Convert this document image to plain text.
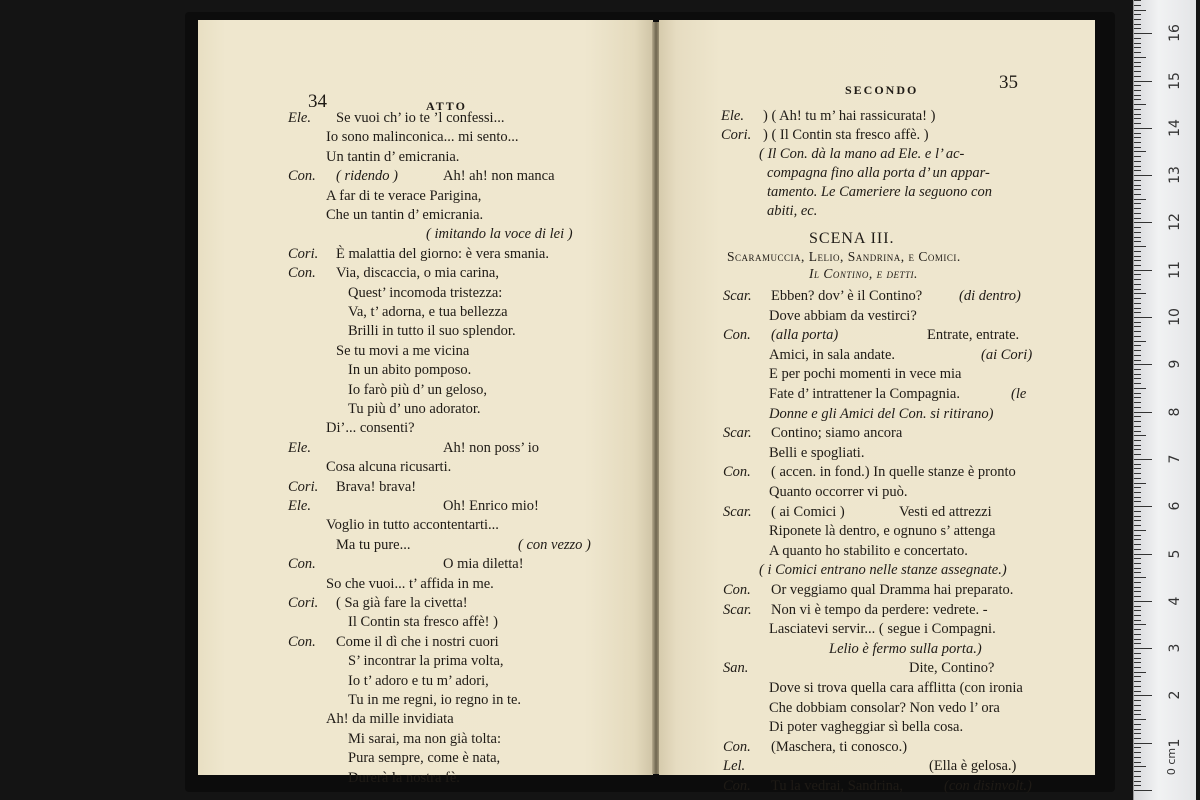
34	ATTO
Ele. Se vuoi ch’ io te ’l confessi...
Io sono malinconica... mi sento...
Un tantin d’ emicrania.
Con. ( ridendo )	Ah! ah! non manca
A far di te verace Parigina,
Che un tantin d’ emicrania.
( imitando la voce di lei )
Cori. È malattia del giorno: è vera smania.
Con. Via, discaccia, o mia carina,
Quest’ incomoda tristezza:
Va, t’ adorna, e tua bellezza
Brilli in tutto il suo splendor.
Se tu movi a me vicina
In un abito pomposo.
Io farò più d’ un geloso,
Tu più d’ uno adorator.
Di’... consenti?
Ele.	Ah! non poss’ io
Cosa alcuna ricusarti.
Cori. Brava! brava!
Ele.	Oh! Enrico mio!
Voglio in tutto accontentarti...
Ma tu pure...	( con vezzo )
Con.	O mia diletta!
So che vuoi... t’ affida in me.
Cori. ( Sa già fare la civetta!
Il Contin sta fresco affè! )
Con. Come il dì che i nostri cuori
S’ incontrar la prima volta,
Io t’ adoro e tu m’ adori,
Tu in me regni, io regno in te.
Ah! da mille invidiata
Mi sarai, ma non già tolta:
Pura sempre, come è nata,
Durerà la nostra fè.
SECONDO	35
Ele. ) ( Ah! tu m’ hai rassicurata! )
Cori. ) ( Il Contin sta fresco affè. )
( Il Con. dà la mano ad Ele. e l’ ac-
compagna fino alla porta d’ un appar-
tamento. Le Cameriere la seguono con
abiti, ec.
SCENA III.
Scaramuccia, Lelio, Sandrina, e Comici.
Il Contino, e detti.
Scar. Ebben? dov’ è il Contino?	(di dentro)
Dove abbiam da vestirci?
Con. (alla porta)	Entrate, entrate.
Amici, in sala andate.	(ai Cori)
E per pochi momenti in vece mia
Fate d’ intrattener la Compagnia.	(le
Donne e gli Amici del Con. si ritirano)
Scar. Contino; siamo ancora
Belli e spogliati.
Con. ( accen. in fond.) In quelle stanze è pronto
Quanto occorrer vi può.
Scar. ( ai Comici )	Vesti ed attrezzi
Riponete là dentro, e ognuno s’ attenga
A quanto ho stabilito e concertato.
( i Comici entrano nelle stanze assegnate.)
Con. Or veggiamo qual Dramma hai preparato.
Scar. Non vi è tempo da perdere: vedrete. -
Lasciatevi servir... ( segue i Compagni.
Lelio è fermo sulla porta.)
San.	Dite, Contino?
Dove si trova quella cara afflitta (con ironia
Che dobbiam consolar? Non vedo l’ ora
Di poter vagheggiar sì bella cosa.
Con. (Maschera, ti conosco.)
Lel.	(Ella è gelosa.)
Con. Tu la vedrai, Sandrina,	(con disinvolt.)
1
2
3
4
5
6
7
8
9
10
11
12
13
14
15
16
0 cm
